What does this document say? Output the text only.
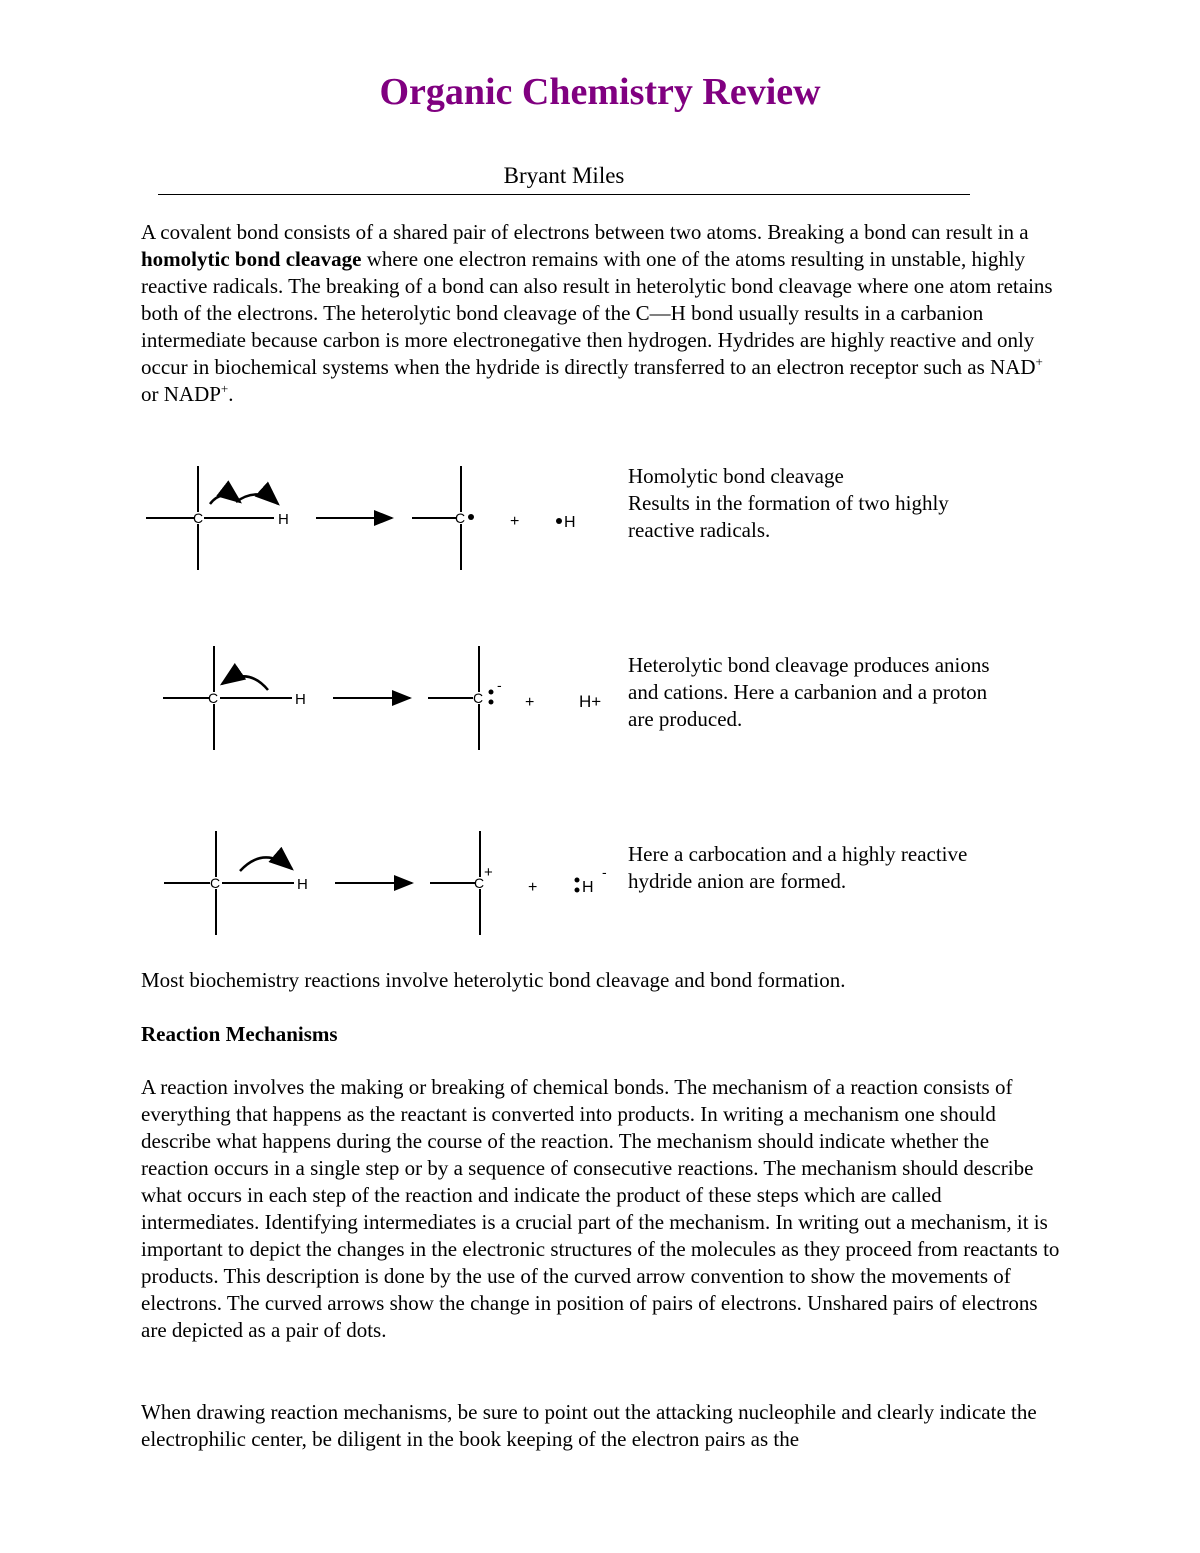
Organic Chemistry Review
Bryant Miles

A covalent bond consists of a shared pair of electrons between two atoms. Breaking a bond can result in a homolytic bond cleavage where one electron remains with one of the atoms resulting in unstable, highly reactive radicals. The breaking of a bond can also result in heterolytic bond cleavage where one atom retains both of the electrons. The heterolytic bond cleavage of the C—H bond usually results in a carbanion intermediate because carbon is more electronegative then hydrogen. Hydrides are highly reactive and only occur in biochemical systems when the hydride is directly transferred to an electron receptor such as NAD+ or NADP+.

C	H	C	+	H
Homolytic bond cleavage
Results in the formation of two highly
reactive radicals.
C	H	C
-
+	H+
Heterolytic bond cleavage produces anions
and cations. Here a carbanion and a proton
are produced.
C	H	C
+
+	H
-
Here a carbocation and a highly reactive
hydride anion are formed.

Most biochemistry reactions involve heterolytic bond cleavage and bond formation.

Reaction Mechanisms

A reaction involves the making or breaking of chemical bonds. The mechanism of a reaction consists of everything that happens as the reactant is converted into products. In writing a mechanism one should describe what happens during the course of the reaction. The mechanism should indicate whether the reaction occurs in a single step or by a sequence of consecutive reactions. The mechanism should describe what occurs in each step of the reaction and indicate the product of these steps which are called intermediates. Identifying intermediates is a crucial part of the mechanism. In writing out a mechanism, it is important to depict the changes in the electronic structures of the molecules as they proceed from reactants to products. This description is done by the use of the curved arrow convention to show the movements of electrons. The curved arrows show the change in position of pairs of electrons. Unshared pairs of electrons are depicted as a pair of dots.

When drawing reaction mechanisms, be sure to point out the attacking nucleophile and clearly indicate the electrophilic center, be diligent in the book keeping of the electron pairs as the
